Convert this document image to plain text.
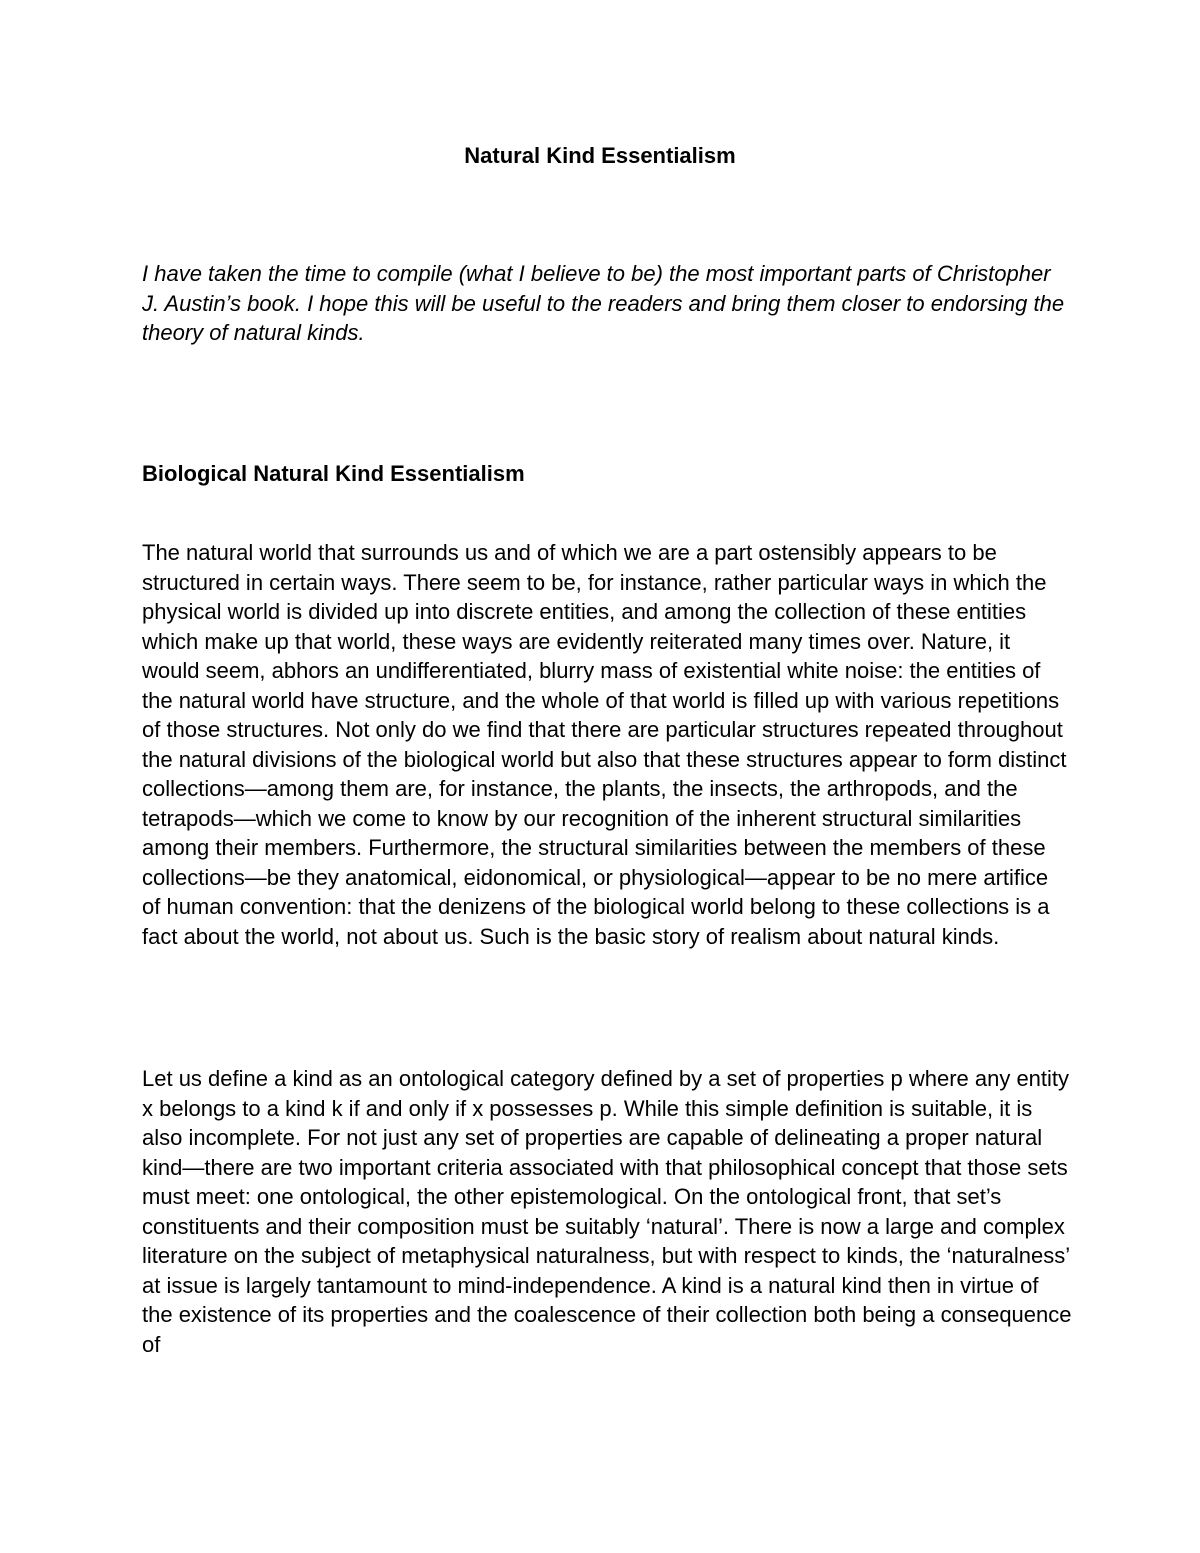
Natural Kind Essentialism

I have taken the time to compile (what I believe to be) the most important parts of Christopher J. Austin’s book. I hope this will be useful to the readers and bring them closer to endorsing the theory of natural kinds.

Biological Natural Kind Essentialism

The natural world that surrounds us and of which we are a part ostensibly appears to be structured in certain ways. There seem to be, for instance, rather particular ways in which the physical world is divided up into discrete entities, and among the collection of these entities which make up that world, these ways are evidently reiterated many times over. Nature, it would seem, abhors an undifferentiated, blurry mass of existential white noise: the entities of the natural world have structure, and the whole of that world is filled up with various repetitions of those structures. Not only do we find that there are particular structures repeated throughout the natural divisions of the biological world but also that these structures appear to form distinct collections—among them are, for instance, the plants, the insects, the arthropods, and the tetrapods—which we come to know by our recognition of the inherent structural similarities among their members. Furthermore, the structural similarities between the members of these collections—be they anatomical, eidonomical, or physiological—appear to be no mere artifice of human convention: that the denizens of the biological world belong to these collections is a fact about the world, not about us. Such is the basic story of realism about natural kinds.

Let us define a kind as an ontological category defined by a set of properties p where any entity x belongs to a kind k if and only if x possesses p. While this simple definition is suitable, it is also incomplete. For not just any set of properties are capable of delineating a proper natural kind—there are two important criteria associated with that philosophical concept that those sets must meet: one ontological, the other epistemological. On the ontological front, that set’s constituents and their composition must be suitably ‘natural’. There is now a large and complex literature on the subject of metaphysical naturalness, but with respect to kinds, the ‘naturalness’ at issue is largely tantamount to mind-independence. A kind is a natural kind then in virtue of the existence of its properties and the coalescence of their collection both being a consequence of
